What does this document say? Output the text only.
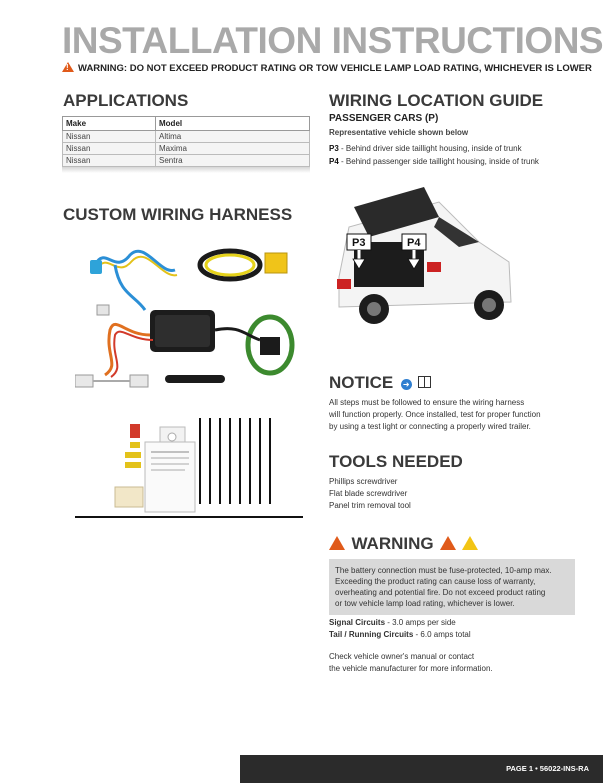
INSTALLATION INSTRUCTIONS
!WARNING: DO NOT EXCEED PRODUCT RATING OR TOW VEHICLE LAMP LOAD RATING, WHICHEVER IS LOWER
APPLICATIONS
Make	Model
Nissan	Altima
Nissan	Maxima
Nissan	Sentra
CUSTOM WIRING HARNESS
WIRING LOCATION GUIDE
PASSENGER CARS (P)
Representative vehicle shown below
P3 - Behind driver side taillight housing, inside of trunk
P4 - Behind passenger side taillight housing, inside of trunk
P3	P4
NOTICE ➜
All steps must be followed to ensure the wiring harness
will function properly. Once installed, test for proper function
by using a test light or connecting a properly wired trailer.
TOOLS NEEDED
Phillips screwdriver
Flat blade screwdriver
Panel trim removal tool
WARNING
The battery connection must be fuse-protected, 10-amp max.
Exceeding the product rating can cause loss of warranty,
overheating and potential fire. Do not exceed product rating
or tow vehicle lamp load rating, whichever is lower.
Signal Circuits - 3.0 amps per side
Tail / Running Circuits - 6.0 amps total
Check vehicle owner's manual or contact
the vehicle manufacturer for more information.
PAGE 1 • 56022-INS-RA
